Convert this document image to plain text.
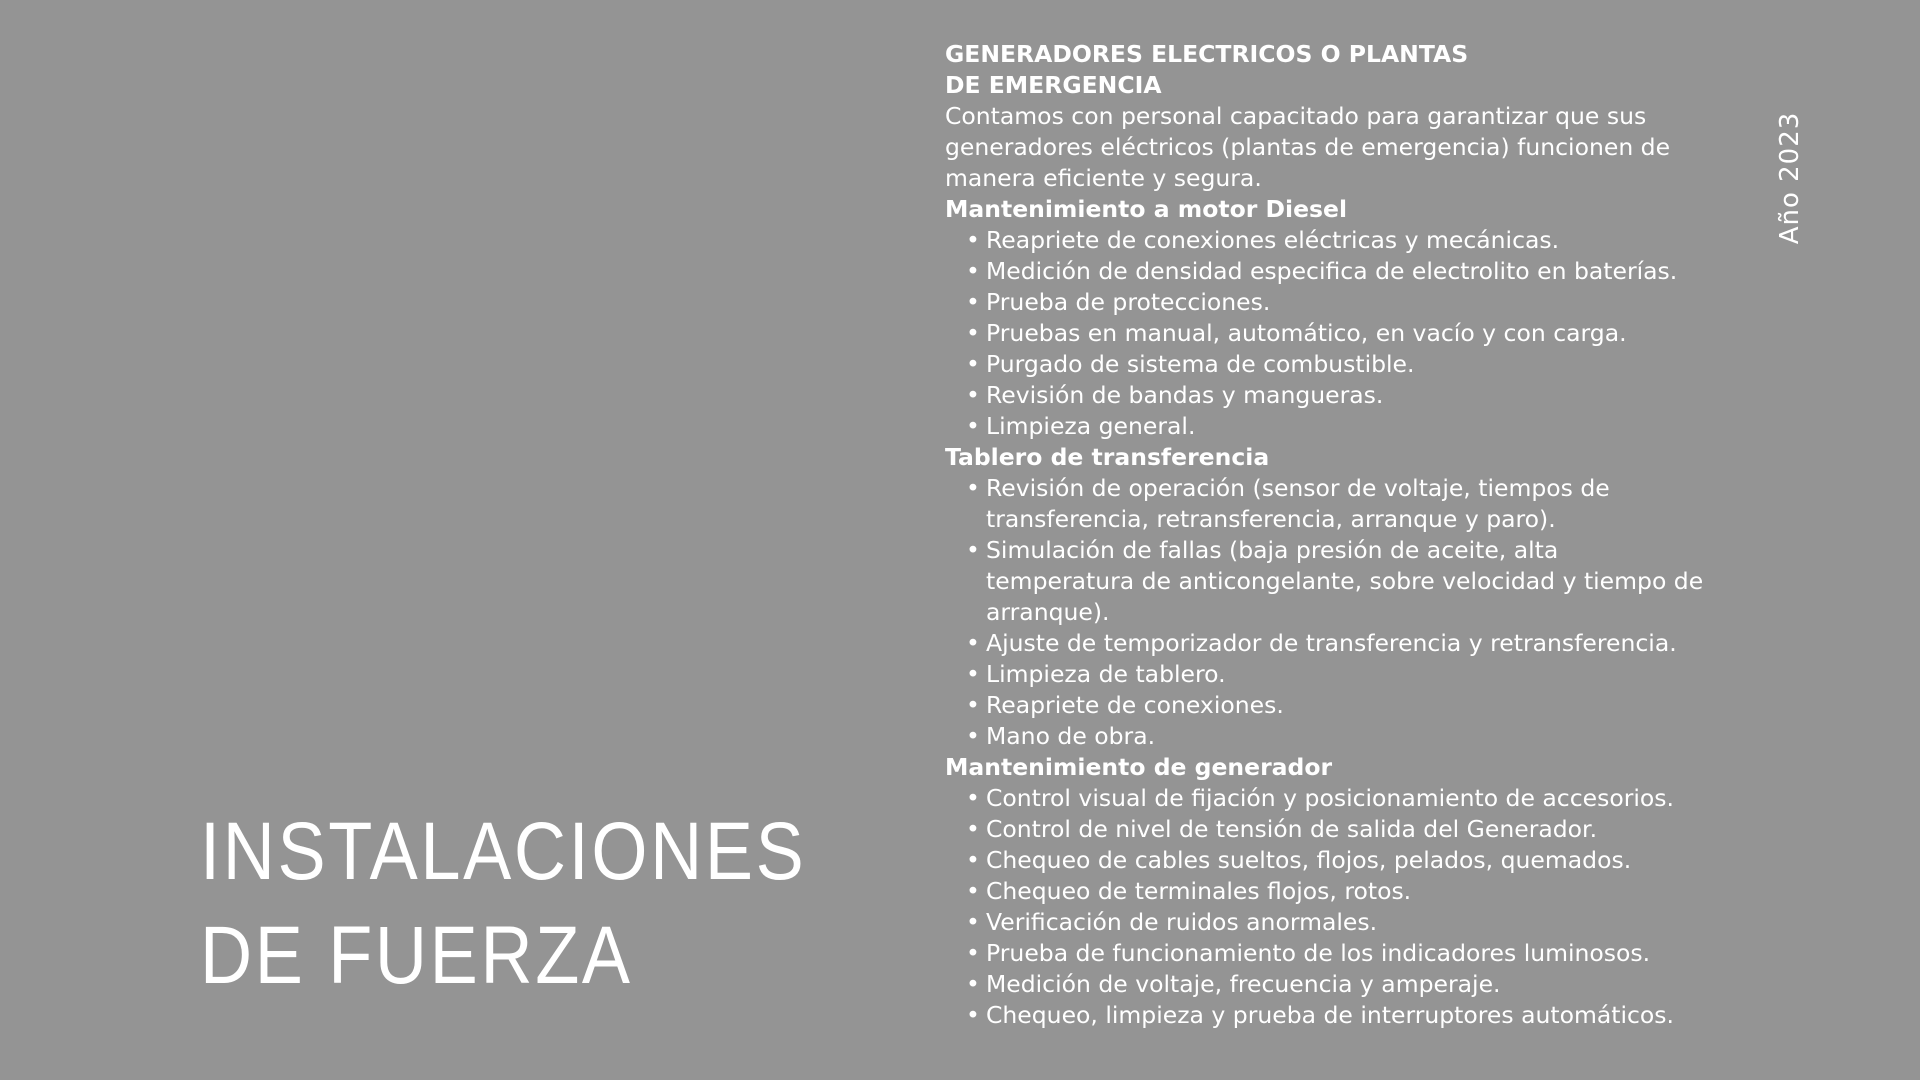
INSTALACIONES DE FUERZA
Año 2023
GENERADORES ELECTRICOS O PLANTAS DE EMERGENCIA

Contamos con personal capacitado para garantizar que sus generadores eléctricos (plantas de emergencia) funcionen de manera eficiente y segura.

Mantenimiento a motor Diesel
• Reapriete de conexiones eléctricas y mecánicas.
• Medición de densidad especifica de electrolito en baterías.
• Prueba de protecciones.
• Pruebas en manual, automático, en vacío y con carga.
• Purgado de sistema de combustible.
• Revisión de bandas y mangueras.
• Limpieza general.
Tablero de transferencia
• Revisión de operación (sensor de voltaje, tiempos de transferencia, retransferencia, arranque y paro).
• Simulación de fallas (baja presión de aceite, alta temperatura de anticongelante, sobre velocidad y tiempo de arranque).
• Ajuste de temporizador de transferencia y retransferencia.
• Limpieza de tablero.
• Reapriete de conexiones.
• Mano de obra.
Mantenimiento de generador
• Control visual de fijación y posicionamiento de accesorios.
• Control de nivel de tensión de salida del Generador.
• Chequeo de cables sueltos, flojos, pelados, quemados.
• Chequeo de terminales flojos, rotos.
• Verificación de ruidos anormales.
• Prueba de funcionamiento de los indicadores luminosos.
• Medición de voltaje, frecuencia y amperaje.
• Chequeo, limpieza y prueba de interruptores automáticos.
